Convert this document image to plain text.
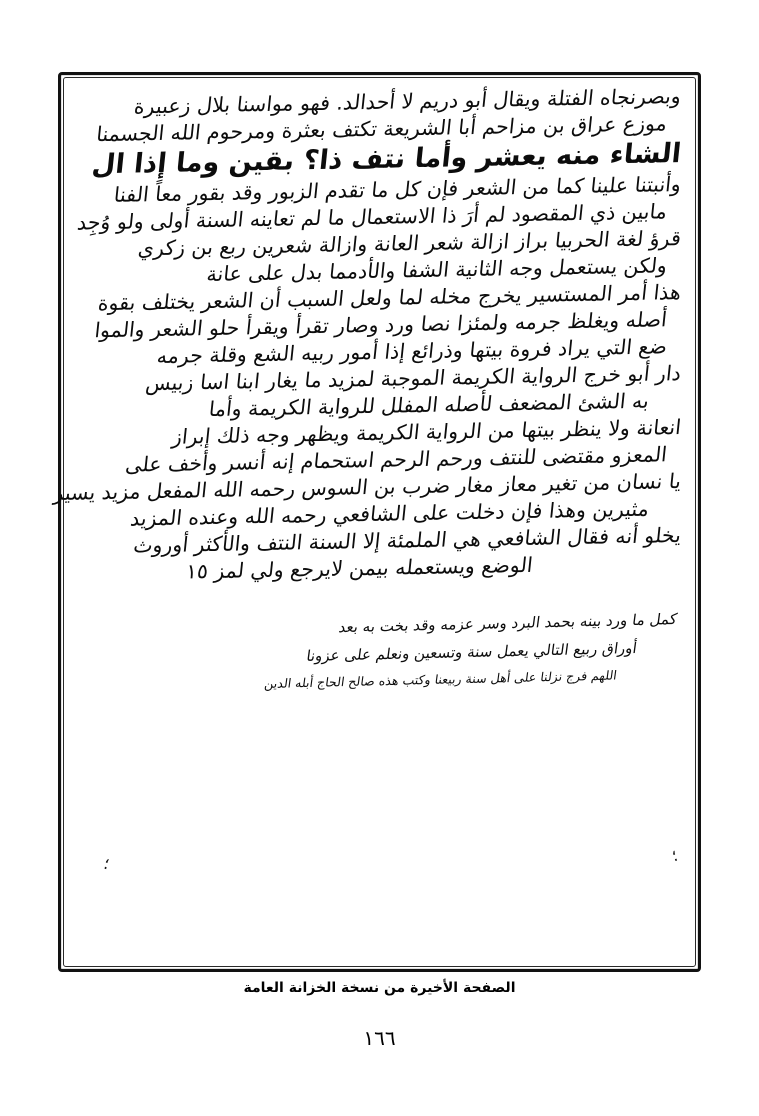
وبصرنجاه الفتلة ويقال أبو دريم لا أحدالد. فهو مواسنا بلال زعبيرة
موزع عراق بن مزاحم أبا الشريعة تكتف بعثرة ومرحوم الله الجسمنا
الشاء منه يعشر وأما نتف ذا؟ بقين وما إذا ال
وأنبتنا علينا كما من الشعر فإن كل ما تقدم الزبور وقد بقور معاً الفنا
مابين ذي المقصود لم أرَ ذا الاستعمال ما لم تعاينه السنة أولى ولو وُجِد
قرؤ لغة الحربيا براز ازالة شعر العانة وازالة شعرين ربع بن زكري
ولكن يستعمل وجه الثانية الشفا والأدمما بدل على عانة
هذا أمر المستسير يخرج مخله لما ولعل السبب أن الشعر يختلف بقوة
أصله ويغلظ جرمه ولمئزا نصا ورد وصار تقرأ ويقرأ حلو الشعر والموا
ضع التي يراد فروة بيتها وذرائع إذا أمور ربيه الشع وقلة جرمه
دار أبو خرج الرواية الكريمة الموجبة لمزيد ما يغار ابنا اسا زبيس
به الشئ المضعف لأصله المفلل للرواية الكريمة وأما
انعانة ولا ينظر بيتها من الرواية الكريمة ويظهر وجه ذلك إبراز
المعزو مقتضى للنتف ورحم الرحم استحمام إنه أنسر وأخف على
يا نسان من تغير معاز مغار ضرب بن السوس رحمه الله المفعل مزيد يسير
مثيرين وهذا فإن دخلت على الشافعي رحمه الله وعنده المزيد
يخلو أنه فقال الشافعي هي الملمئة إلا السنة النتف والأكثر أوروث
الوضع ويستعمله بيمن لايرجع ولي لمز ١٥
كمل ما ورد بينه بحمد البرد وسر عزمه وقد بخت به بعد
أوراق ربيع التالي يعمل سنة وتسعين ونعلم على عزونا
اللهم فرج نزلنا على أهل سنة ربيعنا وكتب هذه صالح الحاج أبله الدين
؛
؛
الصفحة الأخيرة من نسخة الخزانة العامة
١٦٦
